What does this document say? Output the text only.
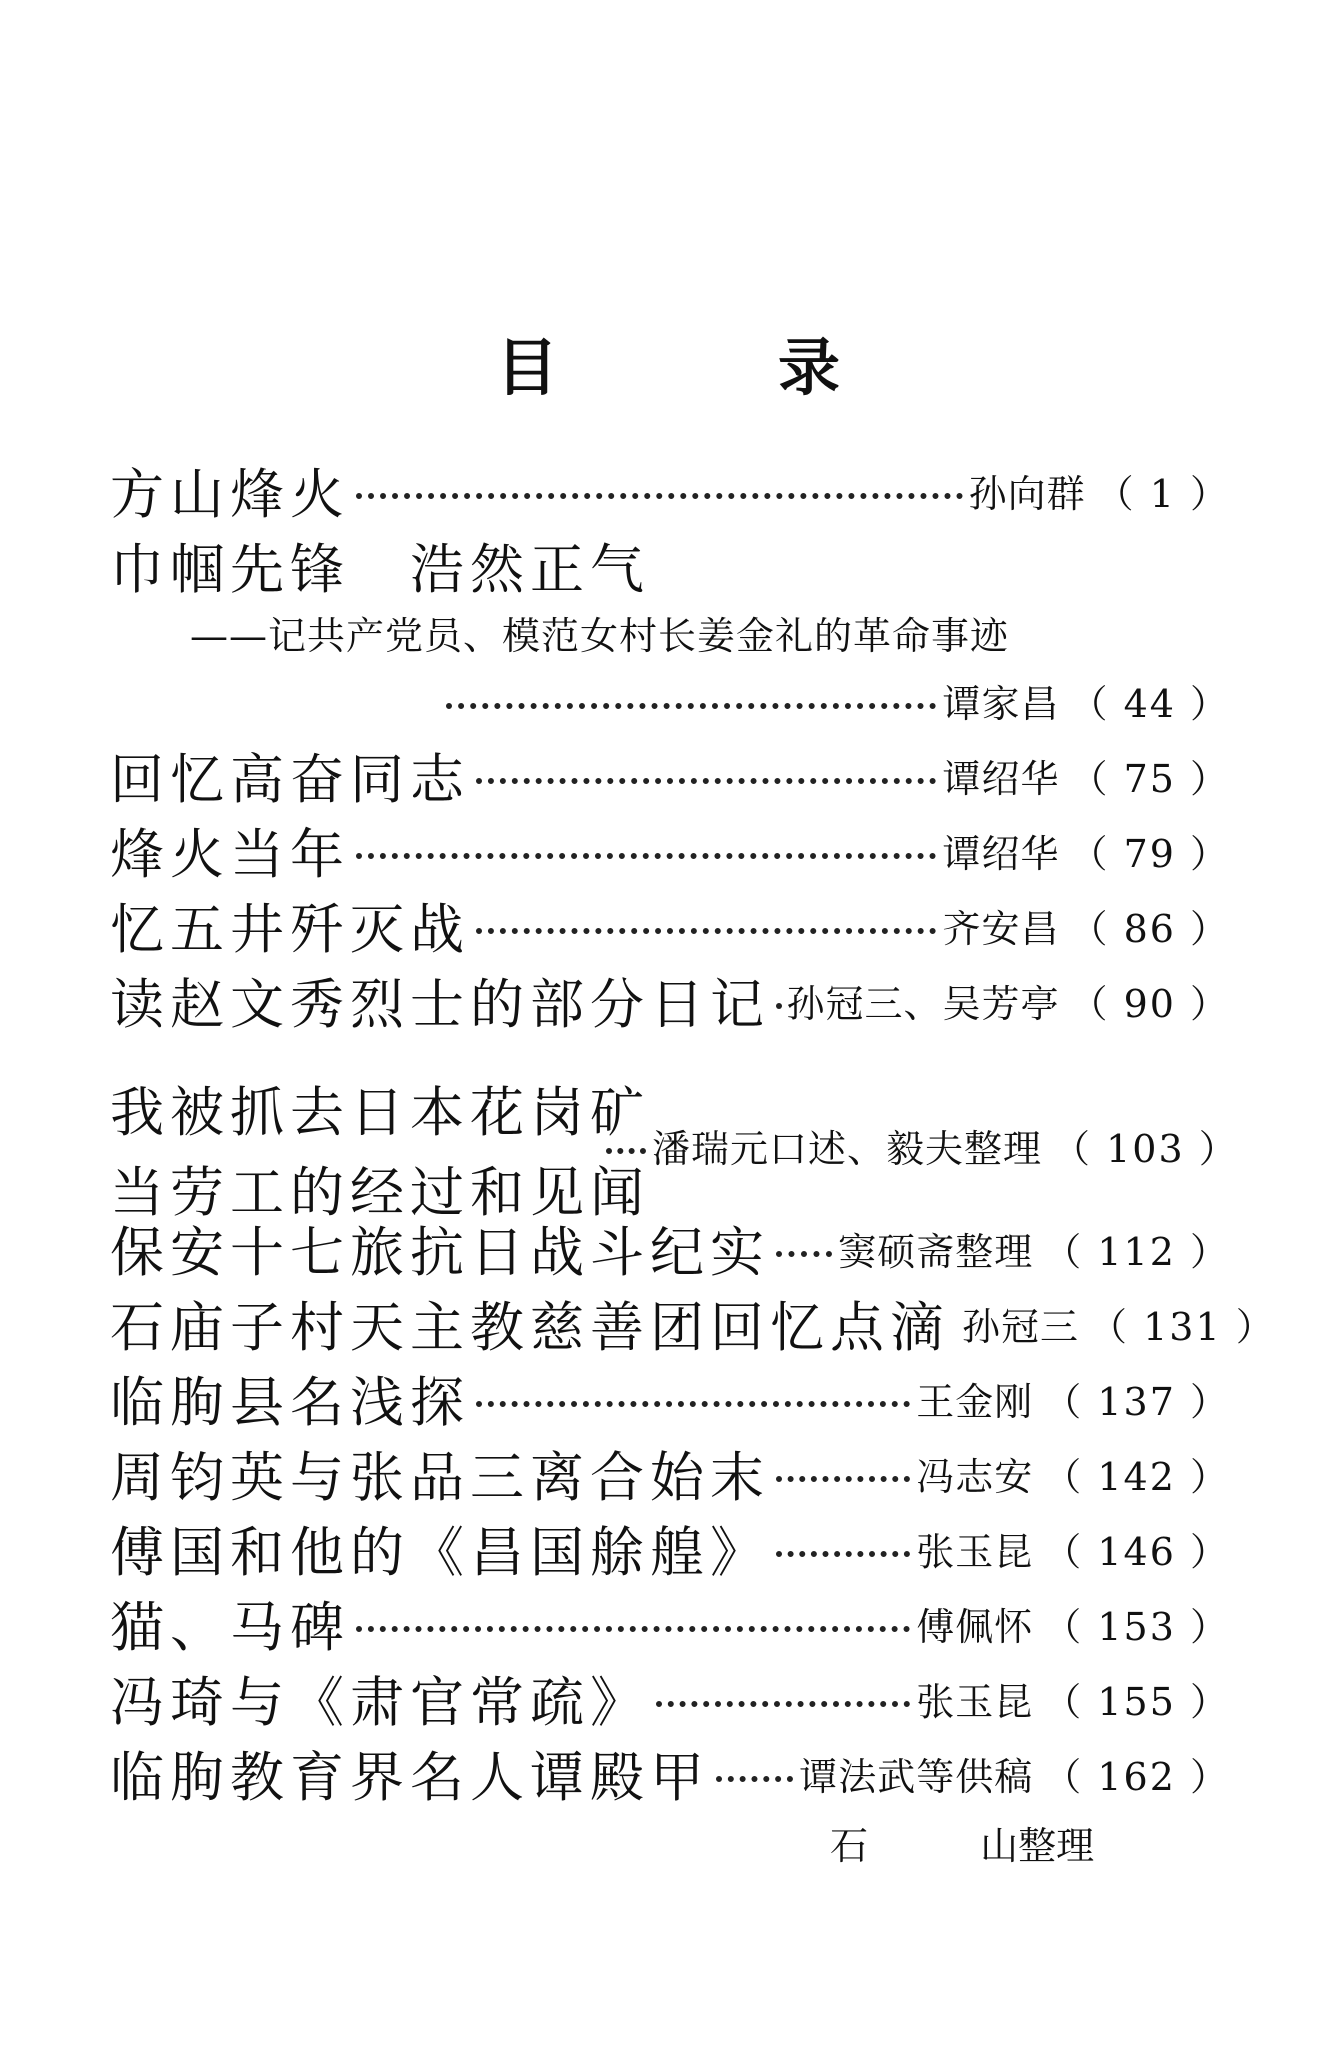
目	录
方山烽火	孙向群 （ 1 ）
巾帼先锋　浩然正气
——记共产党员、模范女村长姜金礼的革命事迹
谭家昌 （ 44 ）
回忆高奋同志	谭绍华 （ 75 ）
烽火当年	谭绍华 （ 79 ）
忆五井歼灭战	齐安昌 （ 86 ）
读赵文秀烈士的部分日记 孙冠三、吴芳亭 （ 90 ）
我被抓去日本花岗矿
当劳工的经过和见闻
潘瑞元口述、毅夫整理 （ 103 ）
保安十七旅抗日战斗纪实 窦硕斋整理 （ 112 ）
石庙子村天主教慈善团回忆点滴 孙冠三 （ 131 ）
临朐县名浅探	王金刚 （ 137 ）
周钧英与张品三离合始末	冯志安 （ 142 ）
傅国和他的《昌国艅艎》	张玉昆 （ 146 ）
猫、马碑	傅佩怀 （ 153 ）
冯琦与《肃官常疏》	张玉昆 （ 155 ）
临朐教育界名人谭殿甲 谭法武等供稿 （ 162 ）
石	山整理
